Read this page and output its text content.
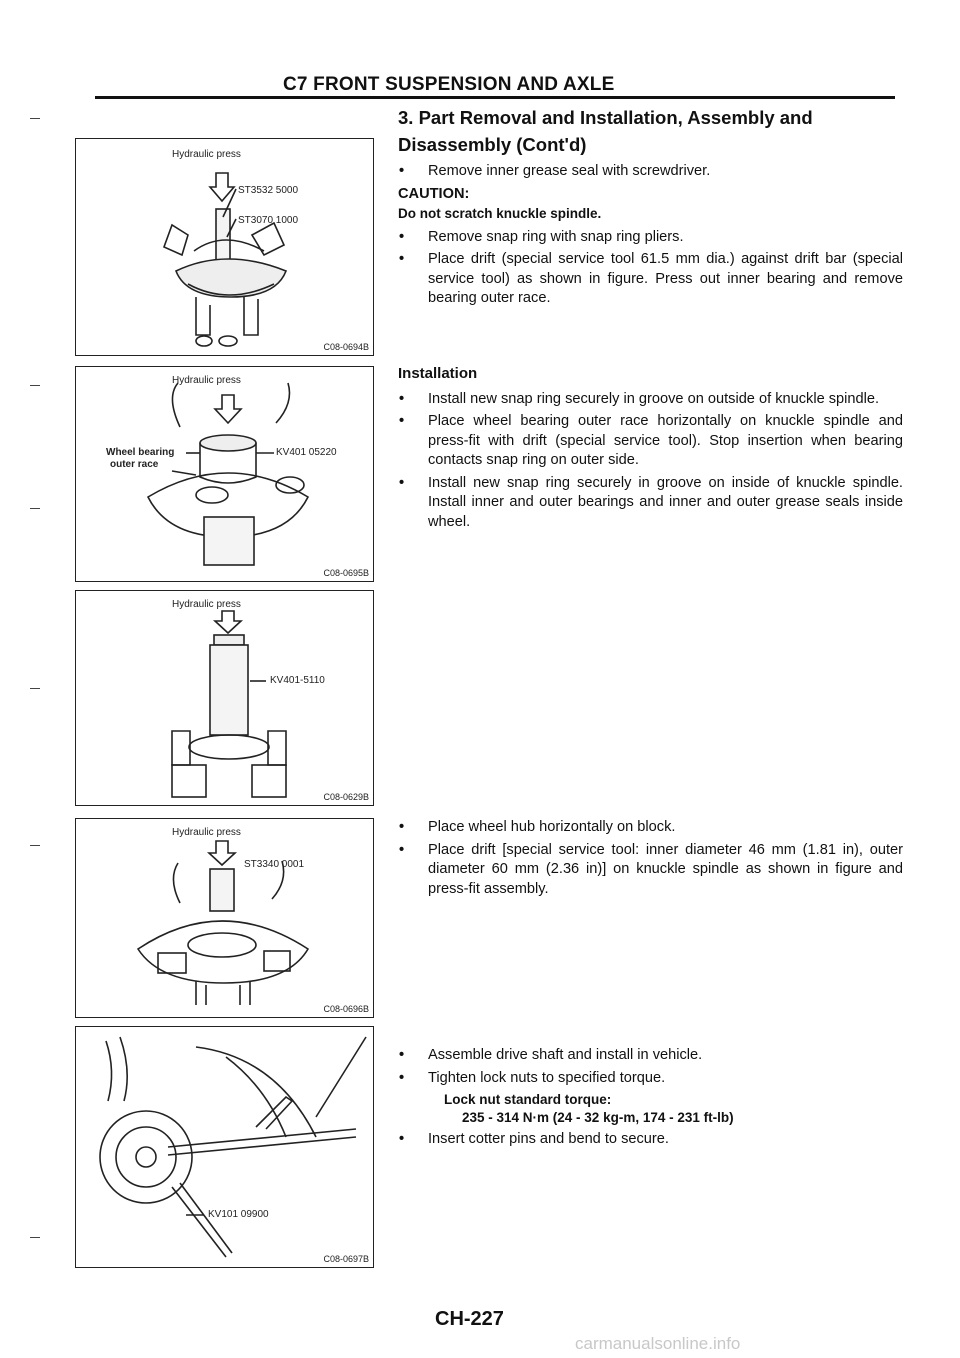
C7 FRONT SUSPENSION AND AXLE
3. Part Removal and Installation, Assembly and Disassembly (Cont'd)
• Remove inner grease seal with screwdriver.
CAUTION:
Do not scratch knuckle spindle.
• Remove snap ring with snap ring pliers.
• Place drift (special service tool 61.5 mm dia.) against drift bar (special service tool) as shown in figure. Press out inner bearing and remove bearing outer race.
Installation
• Install new snap ring securely in groove on outside of knuckle spindle.
• Place wheel bearing outer race horizontally on knuckle spindle and press-fit with drift (special service tool). Stop insertion when bearing contacts snap ring on outer side.
• Install new snap ring securely in groove on inside of knuckle spindle. Install inner and outer bearings and inner and outer grease seals inside wheel.
• Place wheel hub horizontally on block.
• Place drift [special service tool: inner diameter 46 mm (1.81 in), outer diameter 60 mm (2.36 in)] on knuckle spindle as shown in figure and press-fit assembly.
• Assemble drive shaft and install in vehicle.
• Tighten lock nuts to specified torque.
Lock nut standard torque:
235 - 314 N·m (24 - 32 kg-m, 174 - 231 ft-lb)
• Insert cotter pins and bend to secure.
Hydraulic press
ST3532 5000
ST3070 1000
C08-0694B
Hydraulic press
Wheel bearing
outer race
KV401 05220
C08-0695B
Hydraulic press
KV401-5110
C08-0629B
Hydraulic press
ST3340 0001
C08-0696B
KV101 09900
C08-0697B
CH-227
carmanualsonline.info
